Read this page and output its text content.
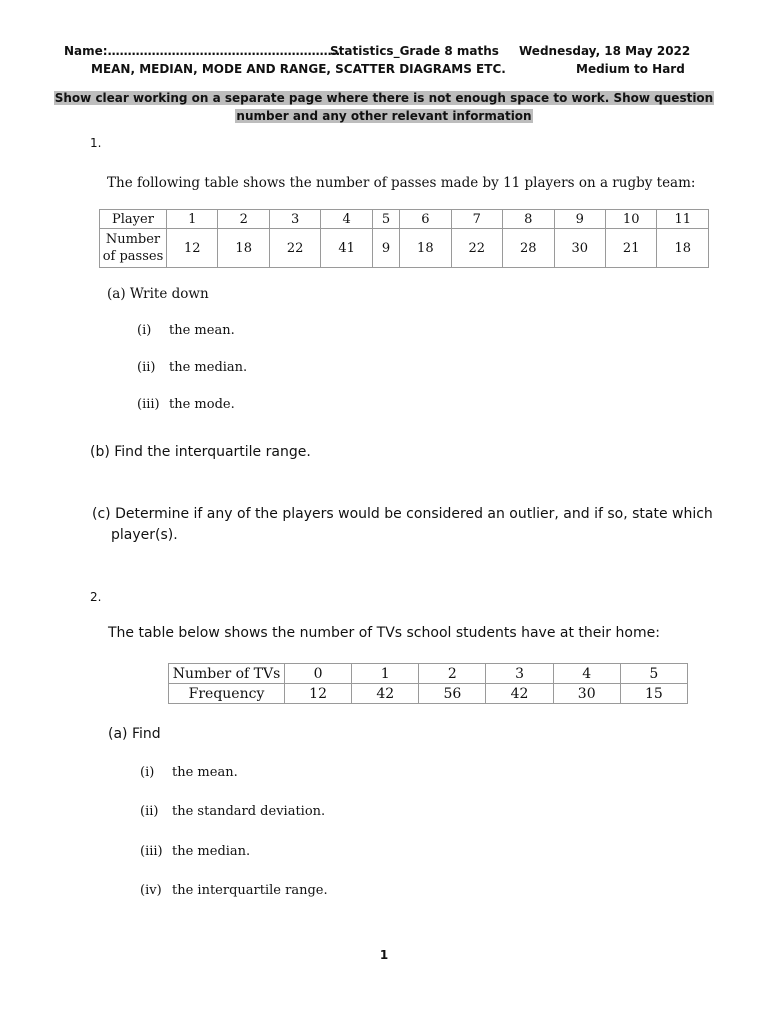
Name:………………………………………………….
Statistics_Grade 8 maths Wednesday, 18 May 2022
MEAN, MEDIAN, MODE AND RANGE, SCATTER DIAGRAMS ETC.	Medium to Hard
Show clear working on a separate page where there is not enough space to work. Show question
number and any other relevant information
1.
The following table shows the number of passes made by 11 players on a rugby team:
Player	1	2	3	4	5	6	7	8	9	10	11
Number
of passes	12	18	22	41	9	18	22	28	30	21	18
(a) Write down
(i) the mean.
(ii) the median.
(iii) the mode.
(b) Find the interquartile range.
(c) Determine if any of the players would be considered an outlier, and if so, state which
player(s).
2.
The table below shows the number of TVs school students have at their home:
Number of TVs	0	1	2	3	4	5
Frequency	12	42	56	42	30	15
(a) Find
(i) the mean.
(ii) the standard deviation.
(iii) the median.
(iv) the interquartile range.
1
